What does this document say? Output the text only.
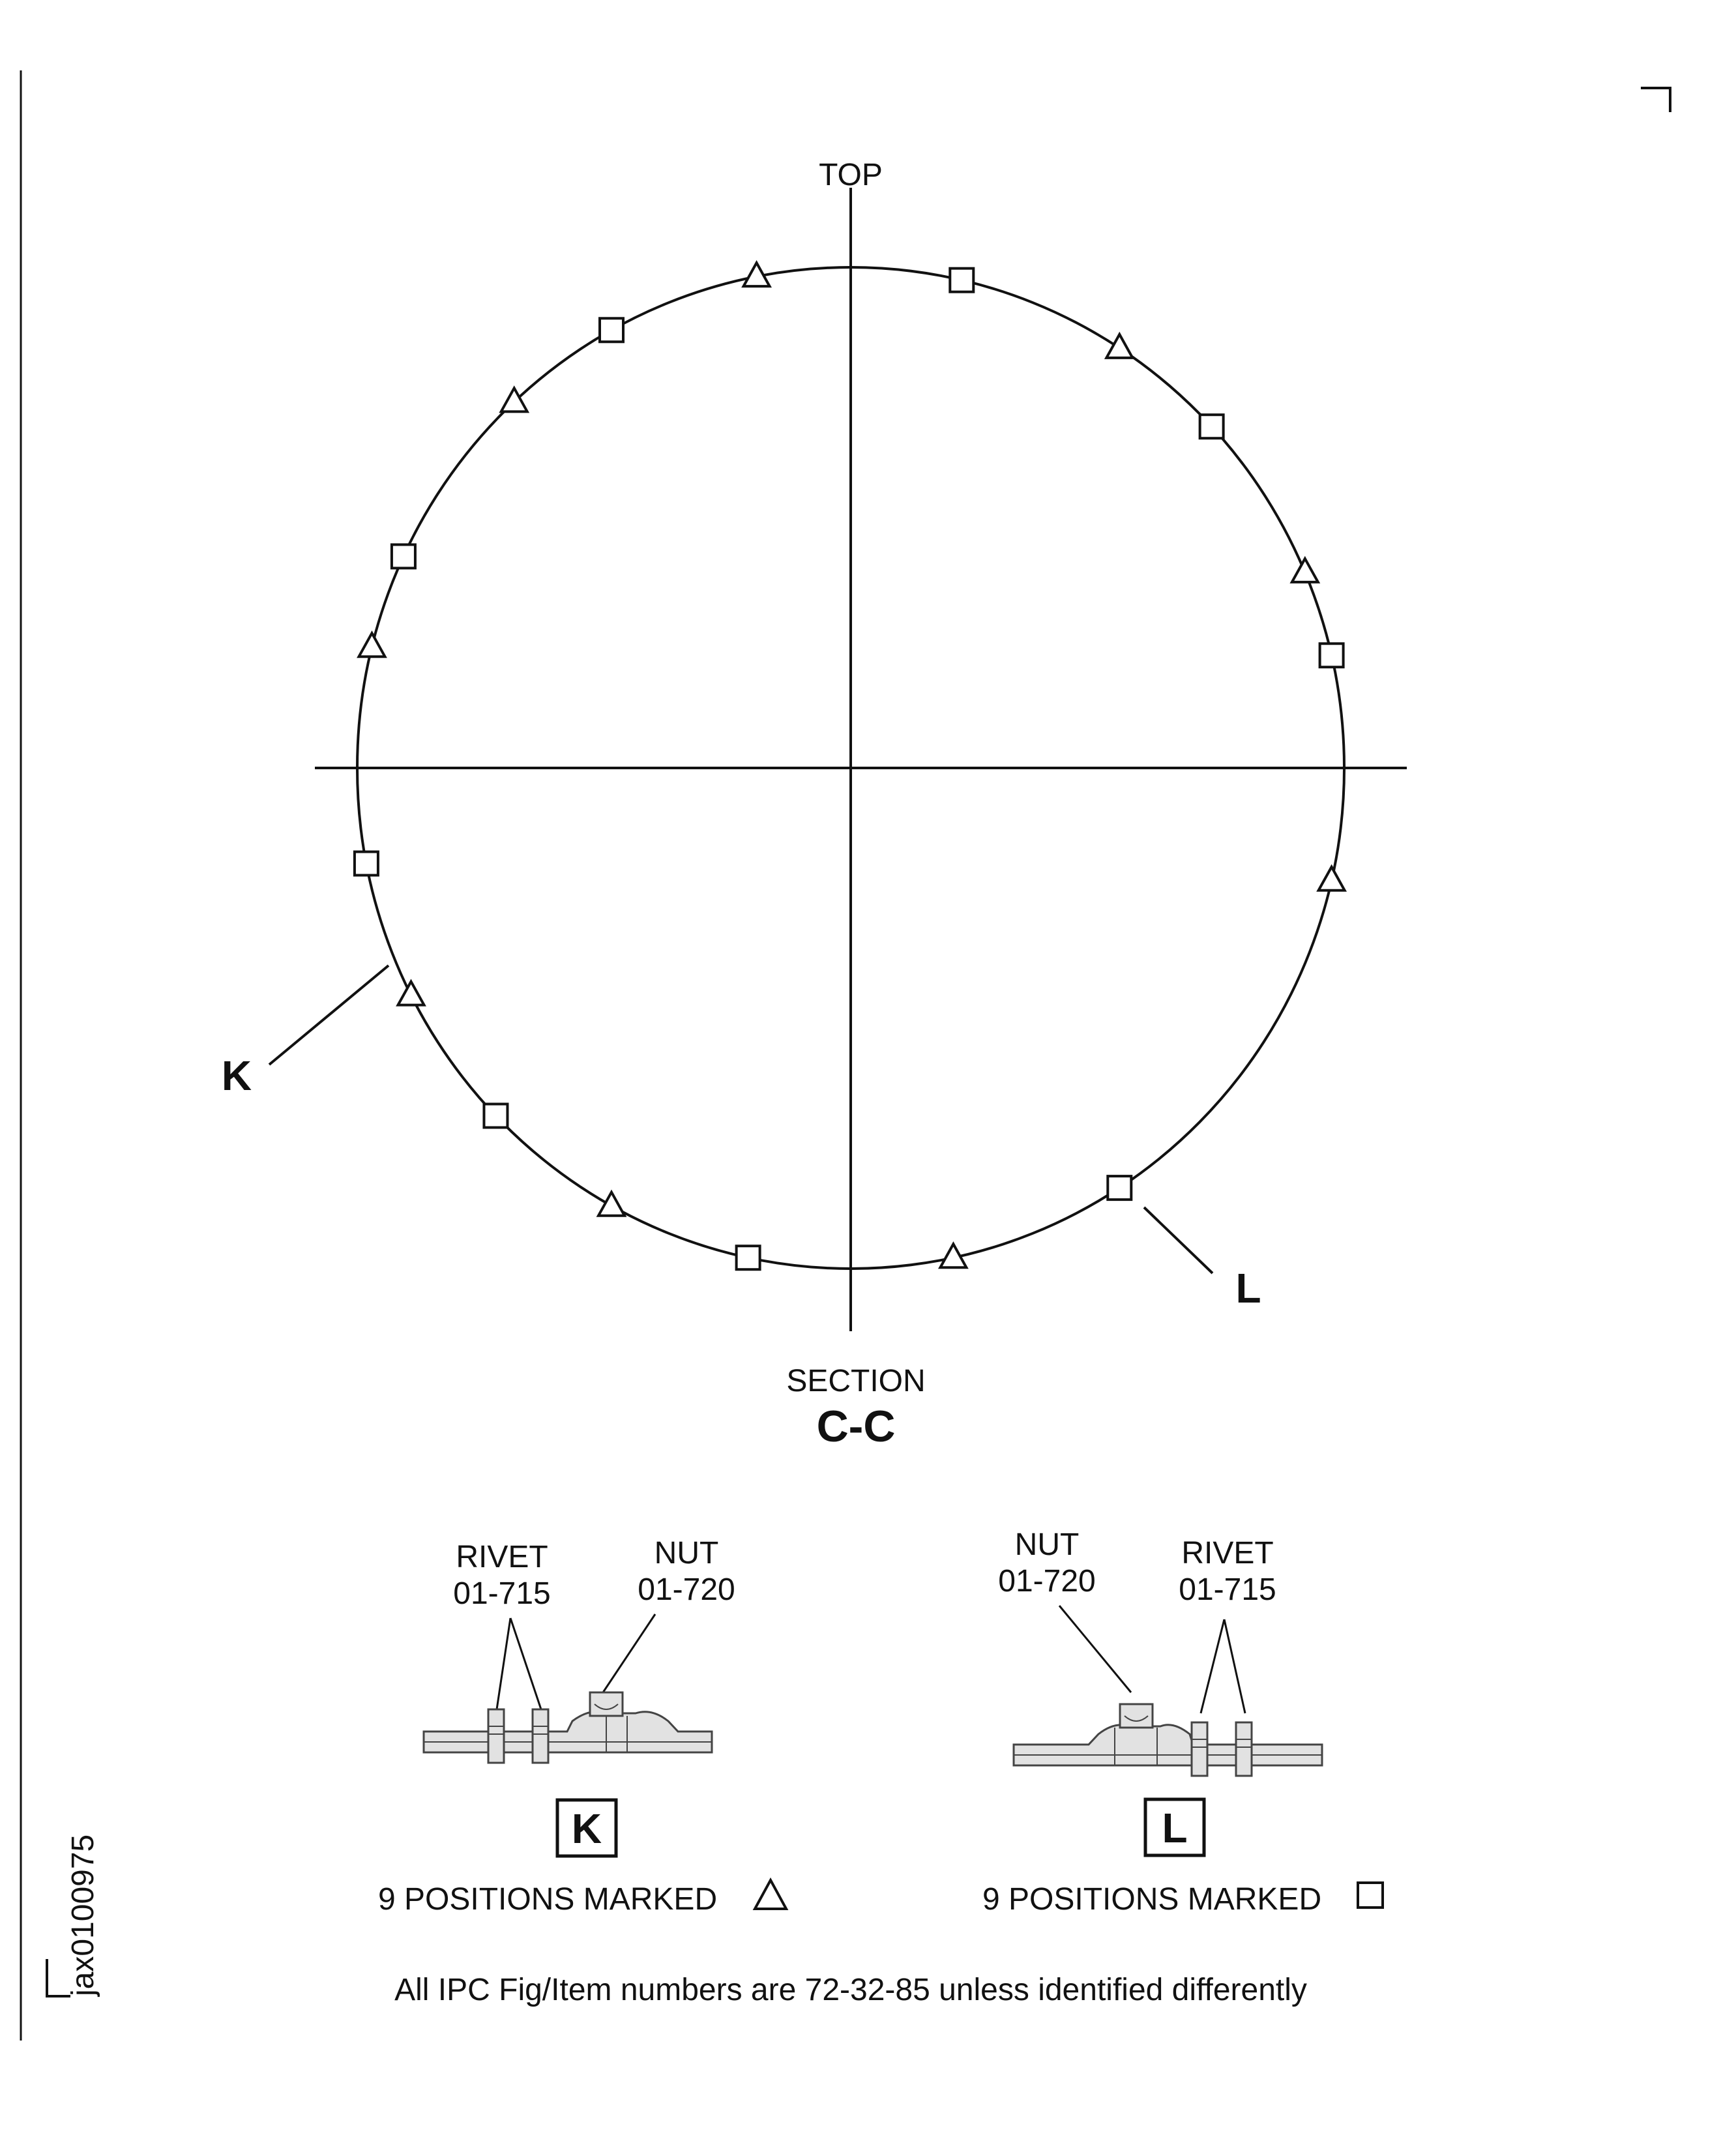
TOP
K
L
SECTION
C-C
RIVET
01-715
NUT
01-720
K
9 POSITIONS MARKED
NUT
01-720
RIVET
01-715
L
9 POSITIONS MARKED
All IPC Fig/Item numbers are 72-32-85 unless identified differently
jax0100975
